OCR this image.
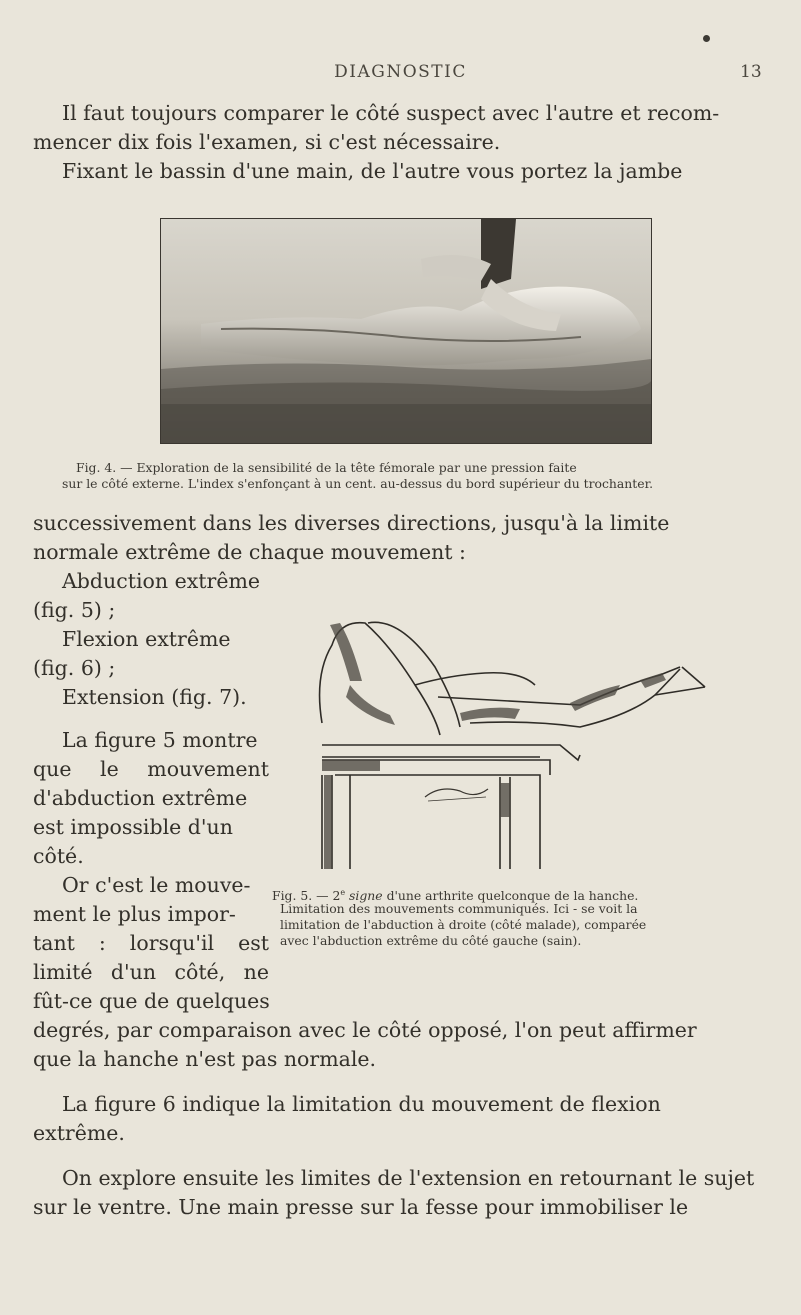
DIAGNOSTIC	13
Il faut toujours comparer le côté suspect avec l'autre et recom-
mencer dix fois l'examen, si c'est nécessaire.
Fixant le bassin d'une main, de l'autre vous portez la jambe
Fig. 4. — Exploration de la sensibilité de la tête fémorale par une pression faite
sur le côté externe. L'index s'enfonçant à un cent. au-dessus du bord supérieur du trochanter.
successivement dans les diverses directions, jusqu'à la limite
normale extrême de chaque mouvement :
Abduction extrême
(fig. 5) ;
Flexion extrême
(fig. 6) ;
Extension (fig. 7).
La figure 5 montre
que le mouvement
d'abduction extrême
est impossible d'un
côté.
Or c'est le mouve-
ment le plus impor-
tant : lorsqu'il est
limité d'un côté, ne
fût-ce que de quelques
Fig. 5. — 2e signe d'une arthrite quelconque de la hanche.
Limitation des mouvements communiqués. Ici - se voit la
limitation de l'abduction à droite (côté malade), comparée
avec l'abduction extrême du côté gauche (sain).
degrés, par comparaison avec le côté opposé, l'on peut affirmer
que la hanche n'est pas normale.
La figure 6 indique la limitation du mouvement de flexion
extrême.
On explore ensuite les limites de l'extension en retournant le sujet
sur le ventre. Une main presse sur la fesse pour immobiliser le
